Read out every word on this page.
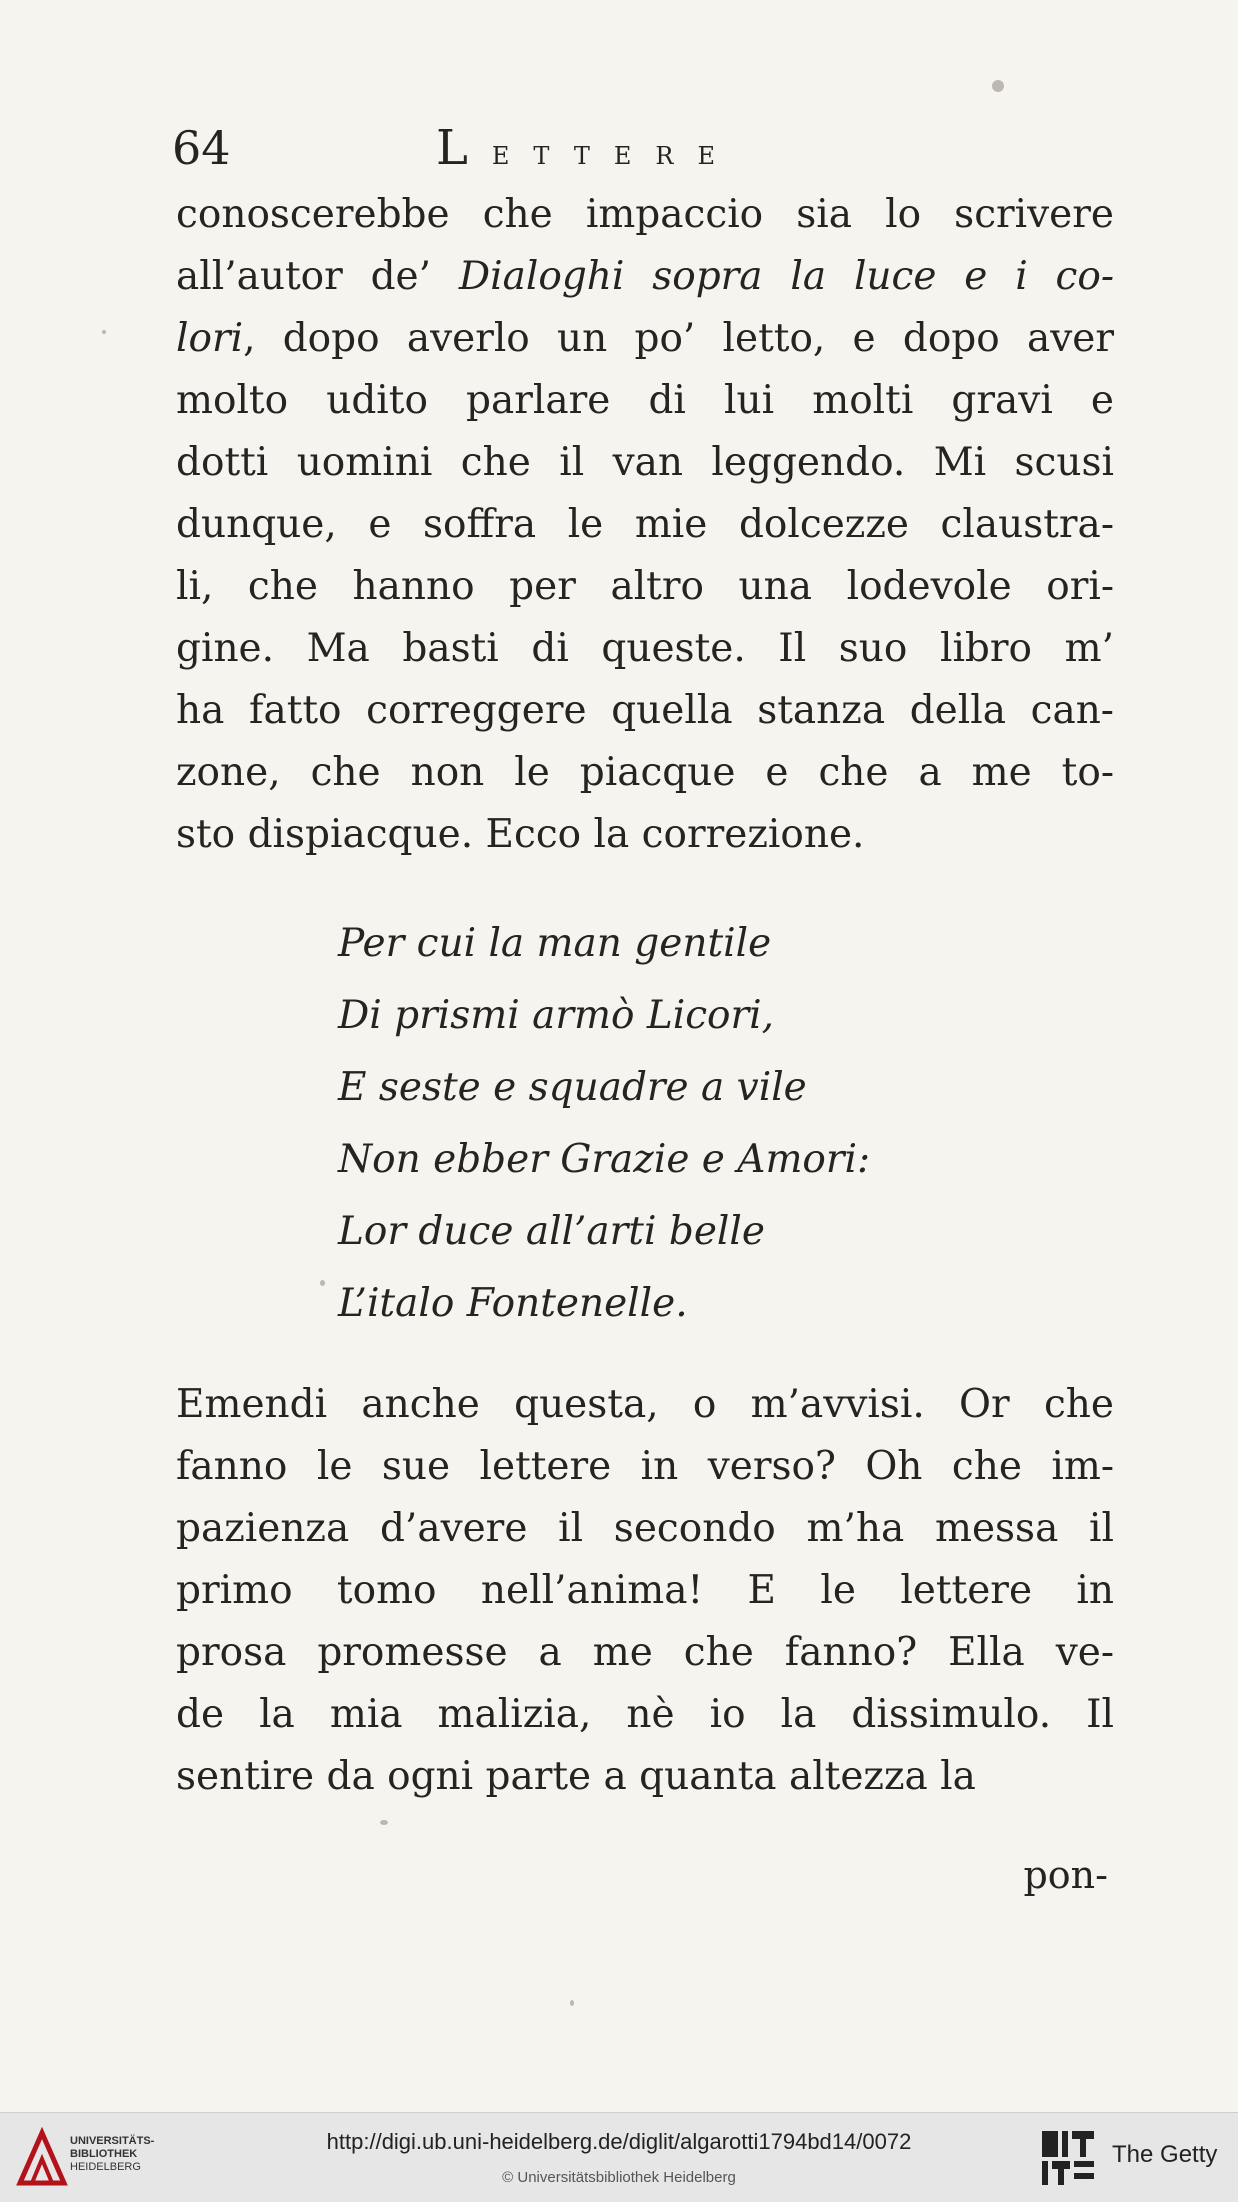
64	Lettere
conoscerebbe che impaccio sia lo scrivere
all’autor de’ Dialoghi sopra la luce e i co-
lori, dopo averlo un po’ letto, e dopo aver
molto udito parlare di lui molti gravi e
dotti uomini che il van leggendo. Mi scusi
dunque, e soffra le mie dolcezze claustra-
li, che hanno per altro una lodevole ori-
gine. Ma basti di queste. Il suo libro m’
ha fatto correggere quella stanza della can-
zone, che non le piacque e che a me to-
sto dispiacque. Ecco la correzione.
Per cui la man gentile
Di prismi armò Licori,
E seste e squadre a vile
Non ebber Grazie e Amori:
Lor duce all’arti belle
L’italo Fontenelle.
Emendi anche questa, o m’avvisi. Or che
fanno le sue lettere in verso? Oh che im-
pazienza d’avere il secondo m’ha messa il
primo tomo nell’anima! E le lettere in
prosa promesse a me che fanno? Ella ve-
de la mia malizia, nè io la dissimulo. Il
sentire da ogni parte a quanta altezza la
pon-
UNIVERSITÄTS-
BIBLIOTHEK
HEIDELBERG
http://digi.ub.uni-heidelberg.de/diglit/algarotti1794bd14/0072
© Universitätsbibliothek Heidelberg
The Getty
